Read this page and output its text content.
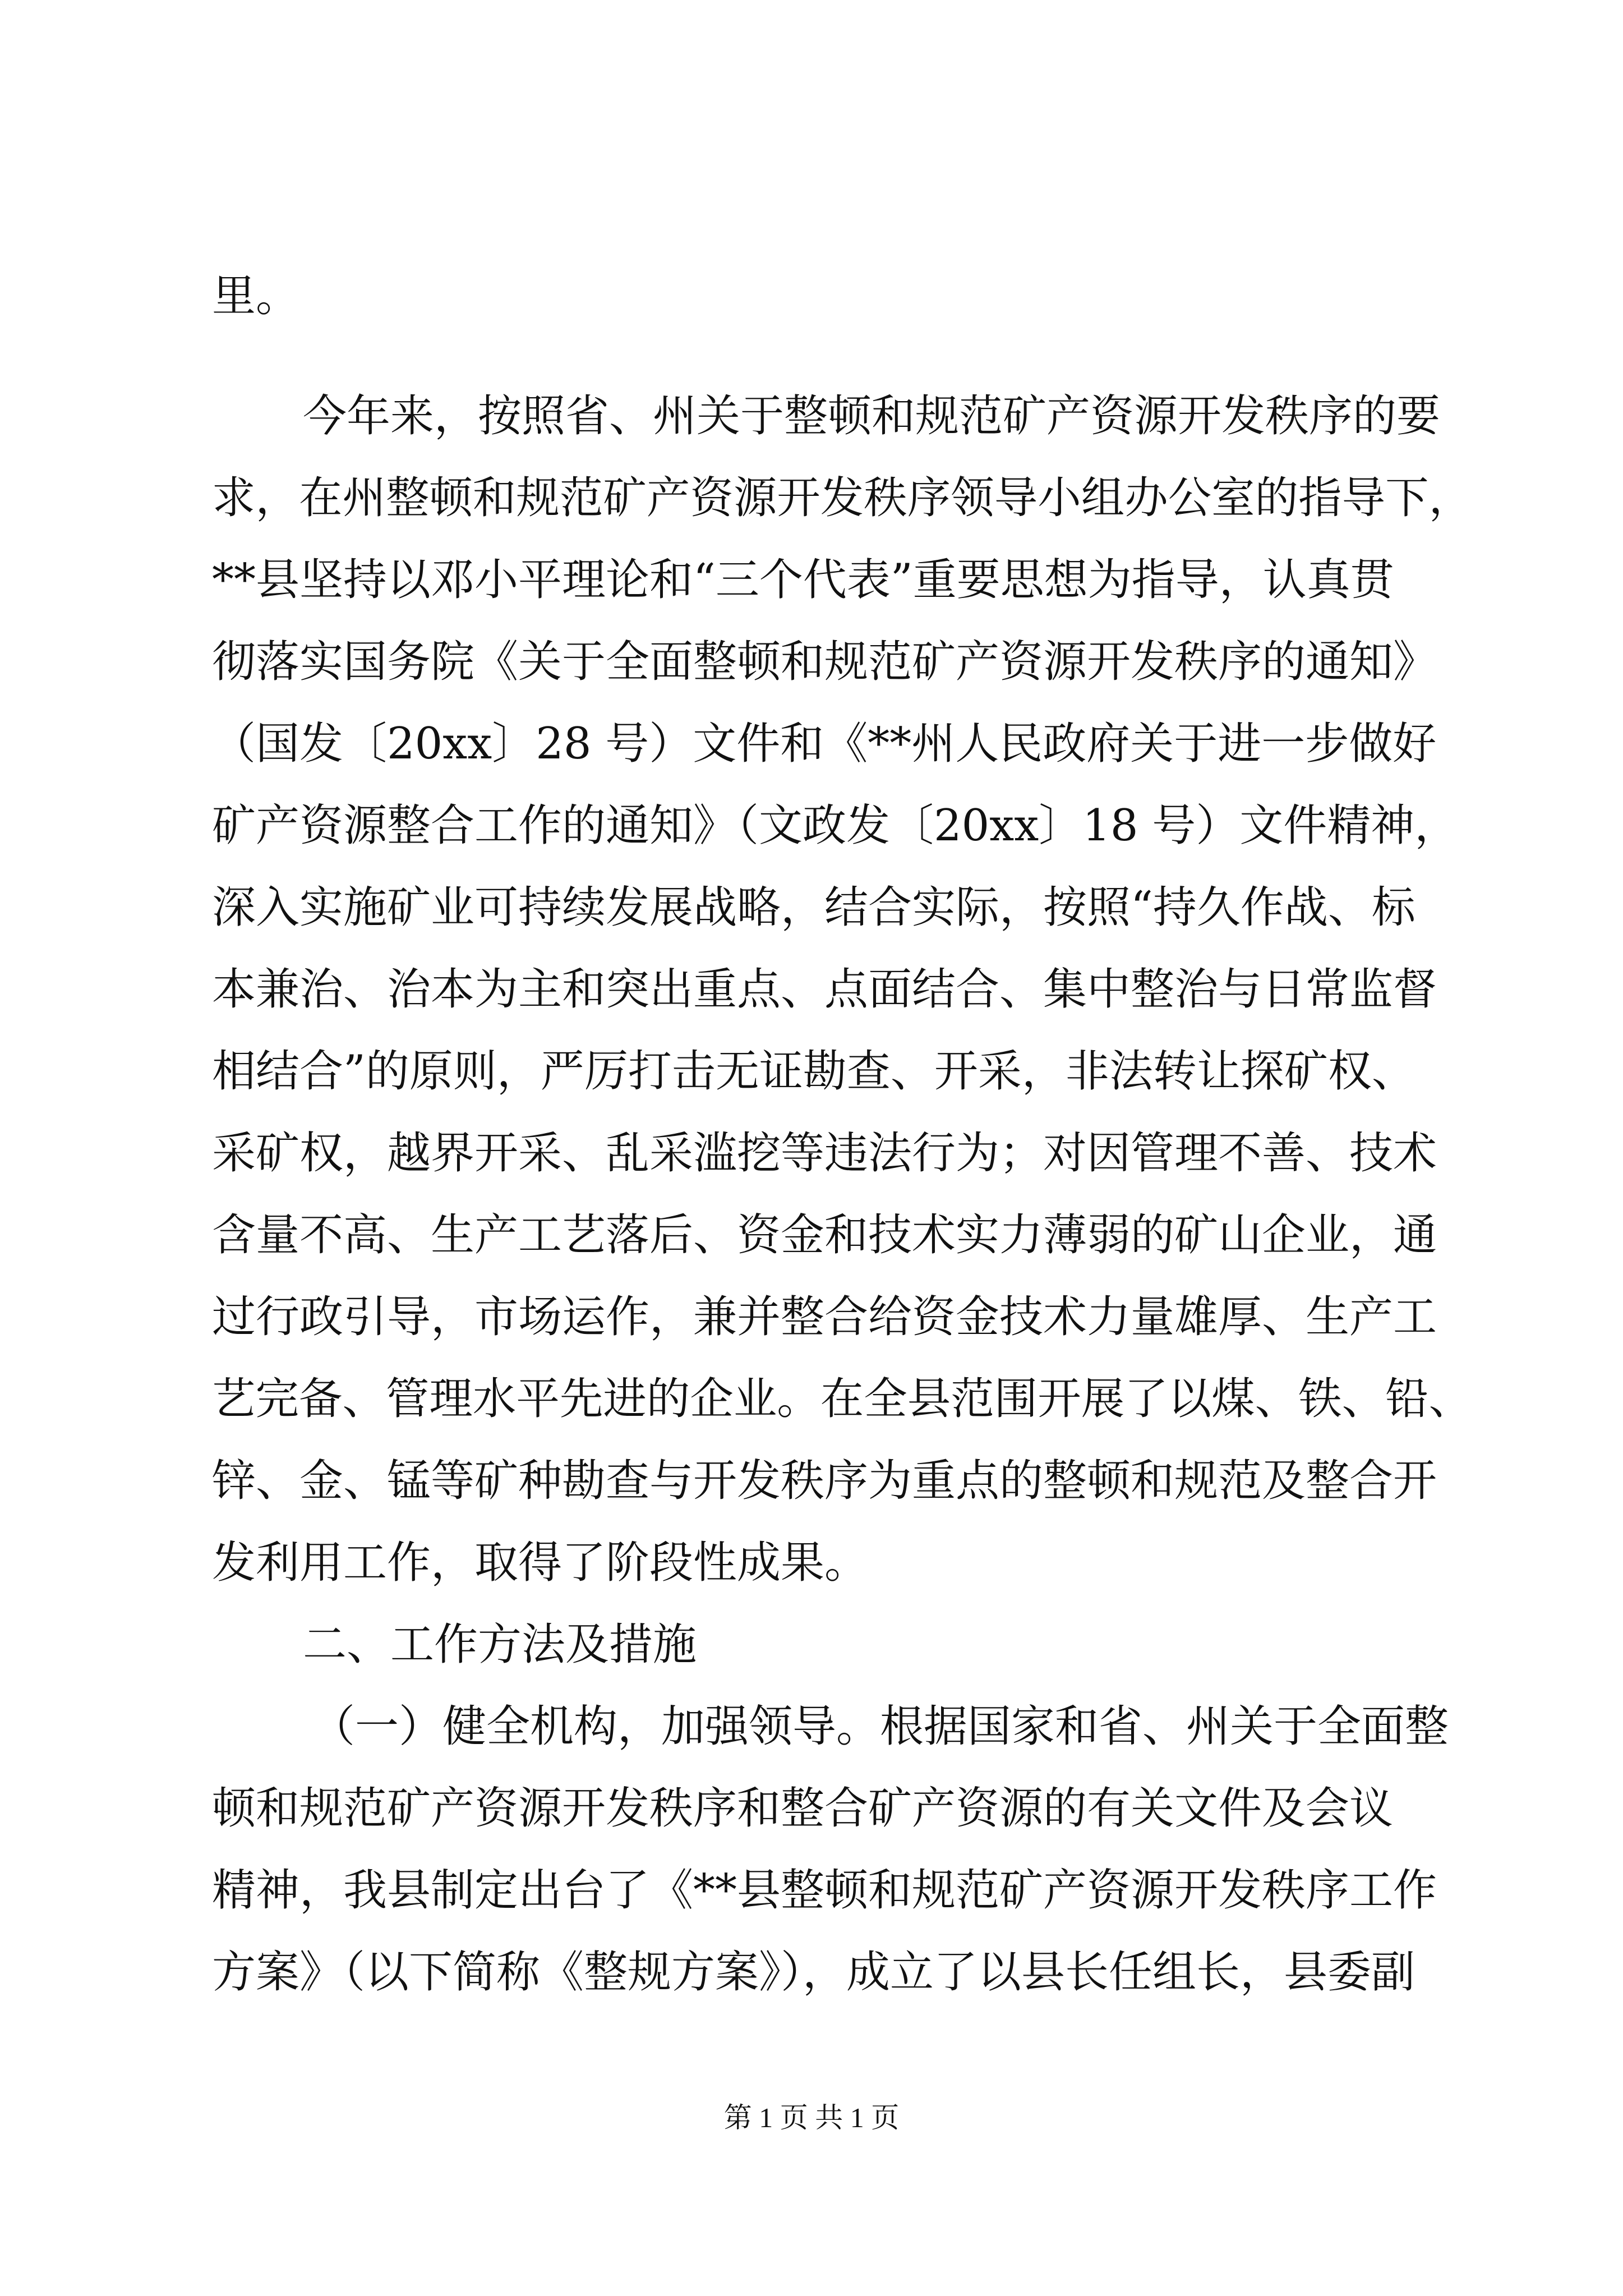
里。
今年来，按照省、州关于整顿和规范矿产资源开发秩序的要
求，在州整顿和规范矿产资源开发秩序领导小组办公室的指导下，
**县坚持以邓小平理论和“三个代表”重要思想为指导，认真贯
彻落实国务院《关于全面整顿和规范矿产资源开发秩序的通知》
（国发〔20xx〕28 号）文件和《**州人民政府关于进一步做好
矿产资源整合工作的通知》（文政发〔20xx〕18 号）文件精神，
深入实施矿业可持续发展战略，结合实际，按照“持久作战、标
本兼治、治本为主和突出重点、点面结合、集中整治与日常监督
相结合”的原则，严厉打击无证勘查、开采，非法转让探矿权、
采矿权，越界开采、乱采滥挖等违法行为；对因管理不善、技术
含量不高、生产工艺落后、资金和技术实力薄弱的矿山企业，通
过行政引导，市场运作，兼并整合给资金技术力量雄厚、生产工
艺完备、管理水平先进的企业。在全县范围开展了以煤、铁、铅、
锌、金、锰等矿种勘查与开发秩序为重点的整顿和规范及整合开
发利用工作，取得了阶段性成果。
二、工作方法及措施
（一）健全机构，加强领导。根据国家和省、州关于全面整
顿和规范矿产资源开发秩序和整合矿产资源的有关文件及会议
精神，我县制定出台了《**县整顿和规范矿产资源开发秩序工作
方案》（以下简称《整规方案》），成立了以县长任组长，县委副
第 1 页 共 1 页
